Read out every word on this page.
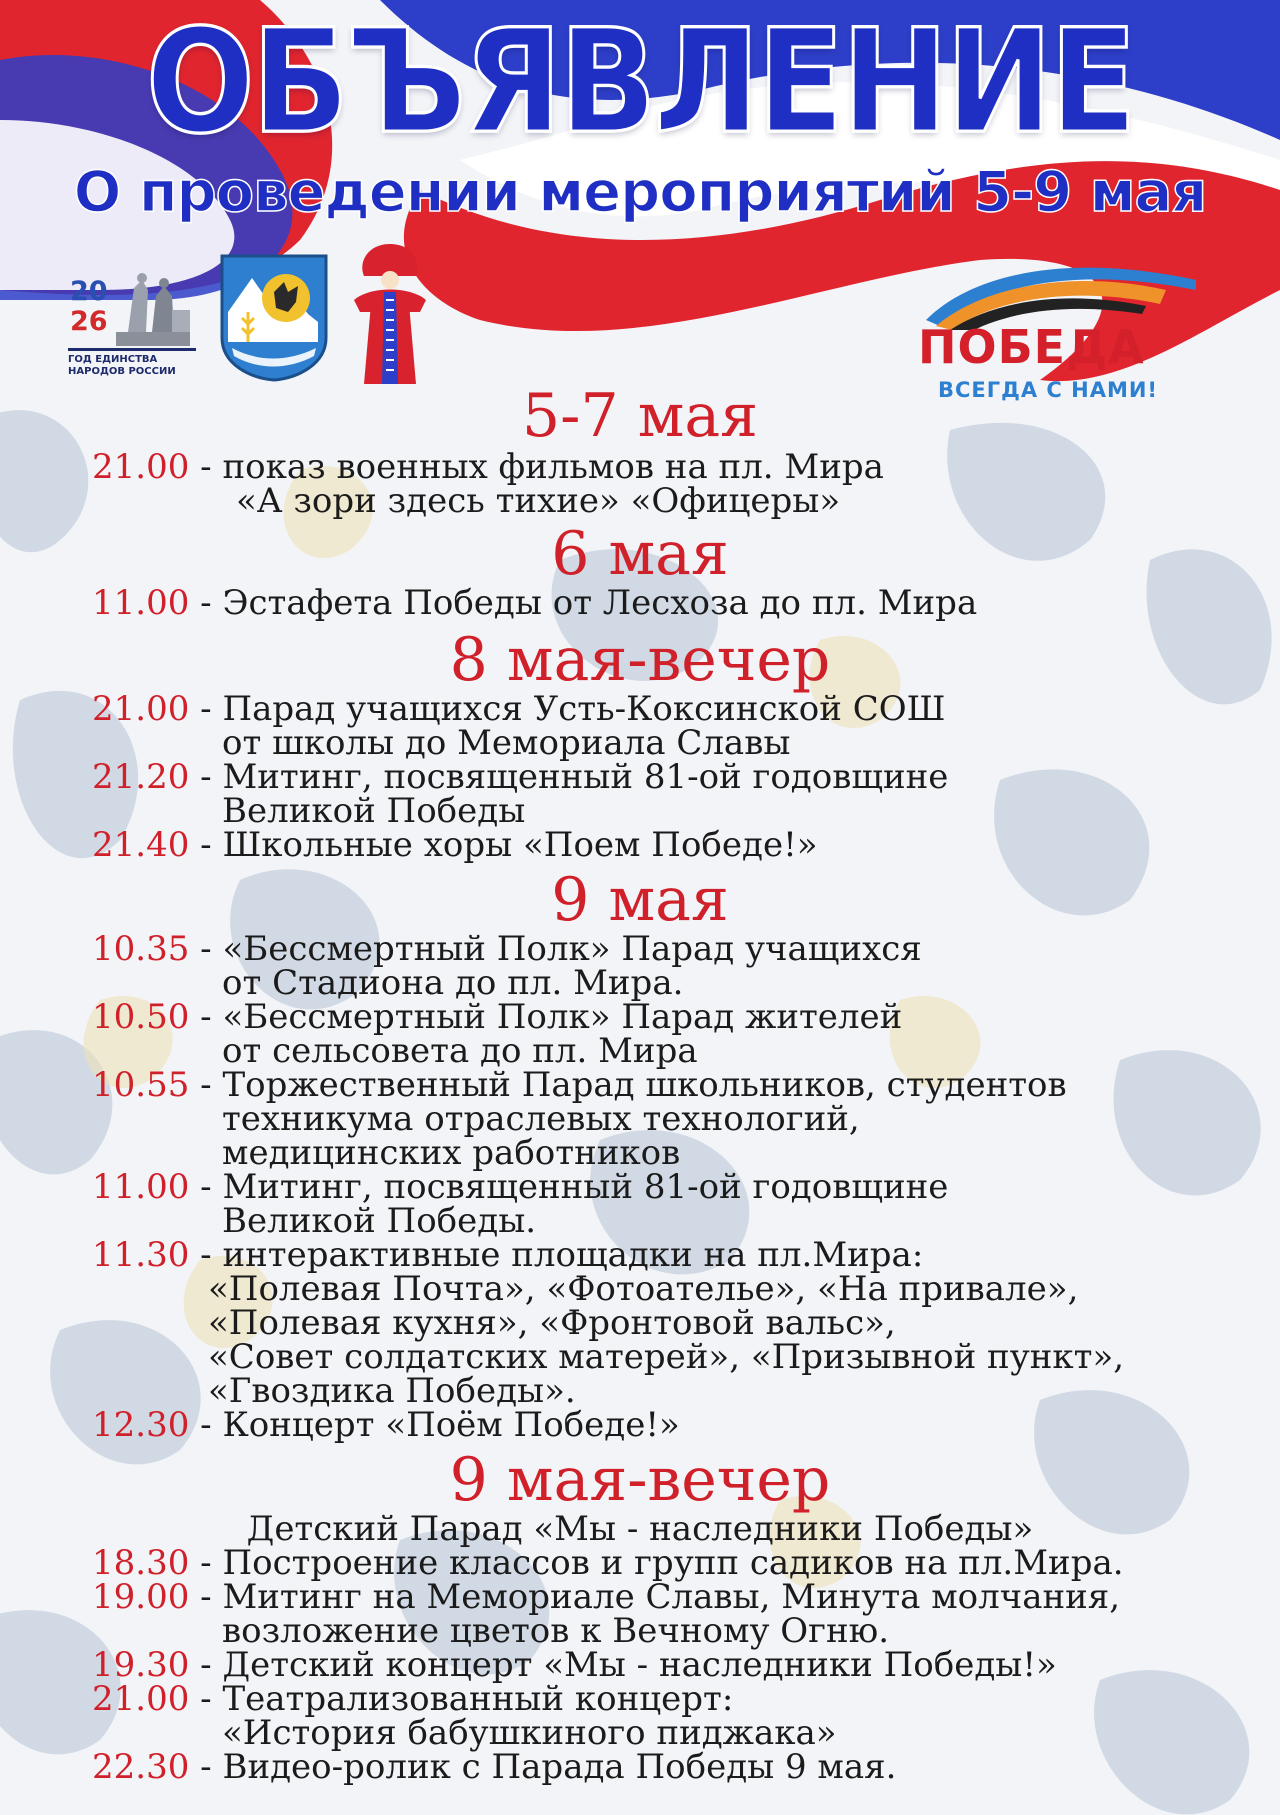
ОБЪЯВЛЕНИЕ
О проведении мероприятий 5-9 мая
20
26
ГОД ЕДИНСТВА
НАРОДОВ РОССИИ	ПОБЕДА
ВСЕГДА С НАМИ!
5-7 мая
21.00 - показ военных фильмов на пл. Мира
«А зори здесь тихие» «Офицеры»
6 мая
11.00 - Эстафета Победы от Лесхоза до пл. Мира
8 мая-вечер
21.00 - Парад учащихся Усть-Коксинской СОШ
от школы до Мемориала Славы
21.20 - Митинг, посвященный 81-ой годовщине
Великой Победы
21.40 - Школьные хоры «Поем Победе!»
9 мая
10.35 - «Бессмертный Полк» Парад учащихся
от Стадиона до пл. Мира.
10.50 - «Бессмертный Полк» Парад жителей
от сельсовета до пл. Мира
10.55 - Торжественный Парад школьников, студентов
техникума отраслевых технологий,
медицинских работников
11.00 - Митинг, посвященный 81-ой годовщине
Великой Победы.
11.30 - интерактивные площадки на пл.Мира:
«Полевая Почта», «Фотоателье», «На привале»,
«Полевая кухня», «Фронтовой вальс»,
«Совет солдатских матерей», «Призывной пункт»,
«Гвоздика Победы».
12.30 - Концерт «Поём Победе!»
9 мая-вечер
Детский Парад «Мы - наследники Победы»
18.30 - Построение классов и групп садиков на пл.Мира.
19.00 - Митинг на Мемориале Славы, Минута молчания,
возложение цветов к Вечному Огню.
19.30 - Детский концерт «Мы - наследники Победы!»
21.00 - Театрализованный концерт:
«История бабушкиного пиджака»
22.30 - Видео-ролик с Парада Победы 9 мая.
